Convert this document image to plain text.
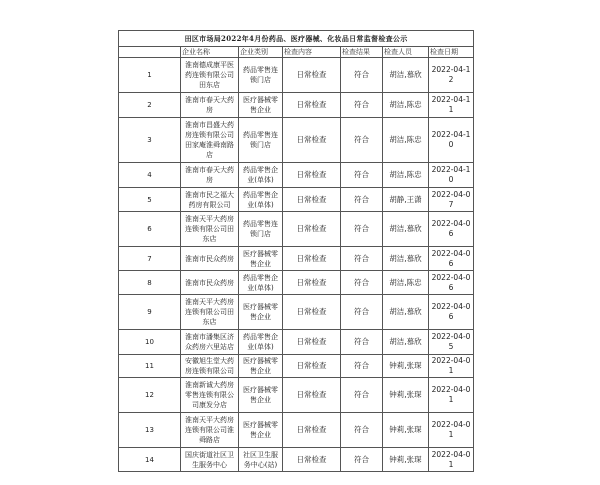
田区市场局2022年4月份药品、医疗器械、化妆品日常监督检查公示						
	企业名称	企业类别	检查内容	检查结果	检查人员	检查日期
1	淮南德成康平医药连锁有限公司田东店	药品零售连锁门店	日常检查	符合	胡洁,慕欣	2022-04-12
2	淮南市春天大药房	医疗器械零售企业	日常检查	符合	胡洁,陈忠	2022-04-11
3	淮南市昌盛大药房连锁有限公司田家庵淮舜南路店	药品零售连锁门店	日常检查	符合	胡洁,陈忠	2022-04-10
4	淮南市春天大药房	药品零售企业(单体)	日常检查	符合	胡洁,陈忠	2022-04-10
5	淮南市民之福大药房有限公司	药品零售企业(单体)	日常检查	符合	胡静,王潇	2022-04-07
6	淮南天平大药房连锁有限公司田东店	药品零售连锁门店	日常检查	符合	胡洁,慕欣	2022-04-06
7	淮南市民众药房	医疗器械零售企业	日常检查	符合	胡洁,慕欣	2022-04-06
8	淮南市民众药房	药品零售企业(单体)	日常检查	符合	胡洁,陈忠	2022-04-06
9	淮南天平大药房连锁有限公司田东店	医疗器械零售企业	日常检查	符合	胡洁,慕欣	2022-04-06
10	淮南市潘集区济众药房六里站店	药品零售企业(单体)	日常检查	符合	胡洁,慕欣	2022-04-05
11	安徽旭生堂大药房连锁有限公司	医疗器械零售企业	日常检查	符合	钟莉,张琛	2022-04-01
12	淮南新诚大药房零售连锁有限公司康发分店	医疗器械零售企业	日常检查	符合	钟莉,张琛	2022-04-01
13	淮南天平大药房连锁有限公司淮舜路店	医疗器械零售企业	日常检查	符合	钟莉,张琛	2022-04-01
14	国庆街道社区卫生服务中心	社区卫生服务中心(站)	日常检查	符合	钟莉,张琛	2022-04-01
